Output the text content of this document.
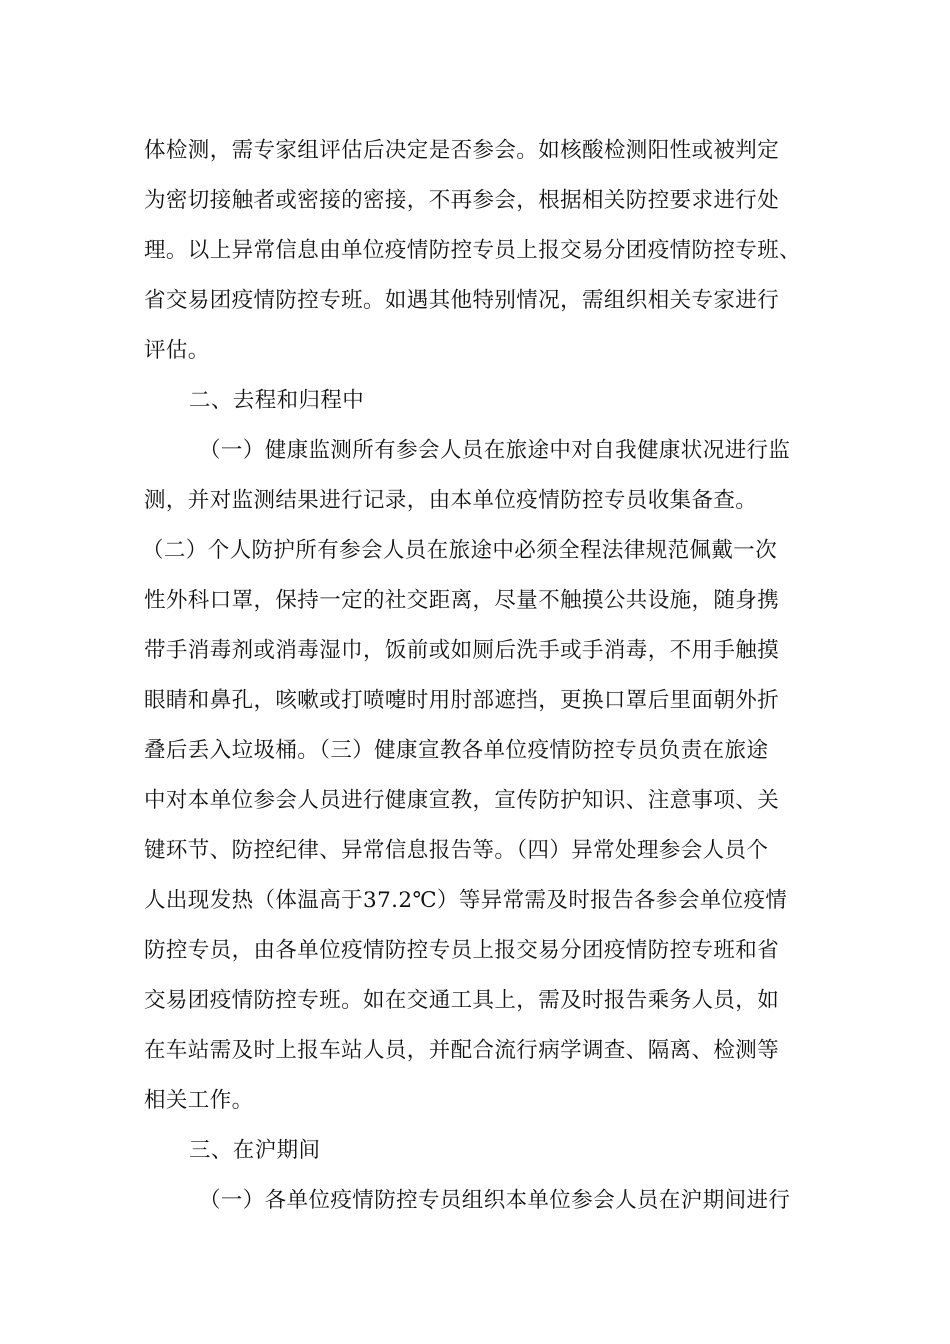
体检测，需专家组评估后决定是否参会。如核酸检测阳性或被判定
为密切接触者或密接的密接，不再参会，根据相关防控要求进行处
理。以上异常信息由单位疫情防控专员上报交易分团疫情防控专班、
省交易团疫情防控专班。如遇其他特别情况，需组织相关专家进行
评估。
二、去程和归程中
（一）健康监测所有参会人员在旅途中对自我健康状况进行监
测，并对监测结果进行记录，由本单位疫情防控专员收集备查。
（二）个人防护所有参会人员在旅途中必须全程法律规范佩戴一次
性外科口罩，保持一定的社交距离，尽量不触摸公共设施，随身携
带手消毒剂或消毒湿巾，饭前或如厕后洗手或手消毒，不用手触摸
眼睛和鼻孔，咳嗽或打喷嚏时用肘部遮挡，更换口罩后里面朝外折
叠后丢入垃圾桶。（三）健康宣教各单位疫情防控专员负责在旅途
中对本单位参会人员进行健康宣教，宣传防护知识、注意事项、关
键环节、防控纪律、异常信息报告等。（四）异常处理参会人员个
人出现发热（体温高于37.2℃）等异常需及时报告各参会单位疫情
防控专员，由各单位疫情防控专员上报交易分团疫情防控专班和省
交易团疫情防控专班。如在交通工具上，需及时报告乘务人员，如
在车站需及时上报车站人员，并配合流行病学调查、隔离、检测等
相关工作。
三、在沪期间
（一）各单位疫情防控专员组织本单位参会人员在沪期间进行
